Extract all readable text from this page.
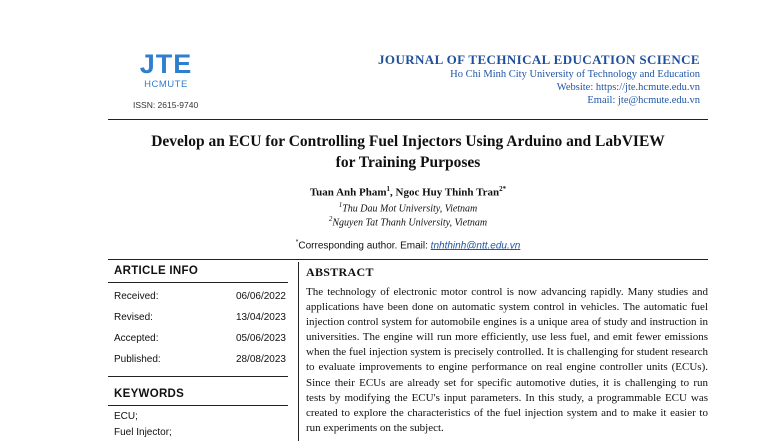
JTE
HCMUTE
ISSN: 2615-9740
JOURNAL OF TECHNICAL EDUCATION SCIENCE
Ho Chi Minh City University of Technology and Education
Website: https://jte.hcmute.edu.vn
Email: jte@hcmute.edu.vn
Develop an ECU for Controlling Fuel Injectors Using Arduino and LabVIEW
for Training Purposes
Tuan Anh Pham$^1$, Ngoc Huy Thinh Tran$^{2*}$
$^1$Thu Dau Mot University, Vietnam
$^2$Nguyen Tat Thanh University, Vietnam
*Corresponding author. Email: tnhthinh@ntt.edu.vn
ARTICLE INFO
Received:	06/06/2022
Revised:	13/04/2023
Accepted:	05/06/2023
Published:	28/08/2023
KEYWORDS
ECU;
Fuel Injector;
ABSTRACT
The technology of electronic motor control is now advancing rapidly. Many studies and applications have been done on automatic system control in vehicles. The automatic fuel injection control system for automobile engines is a unique area of study and instruction in universities. The engine will run more efficiently, use less fuel, and emit fewer emissions when the fuel injection system is precisely controlled. It is challenging for student research to evaluate improvements to engine performance on real engine controller units (ECUs). Since their ECUs are already set for specific automotive duties, it is challenging to run tests by modifying the ECU's input parameters. In this study, a programmable ECU was created to explore the characteristics of the fuel injection system and to make it easier to run experiments on the subject.
